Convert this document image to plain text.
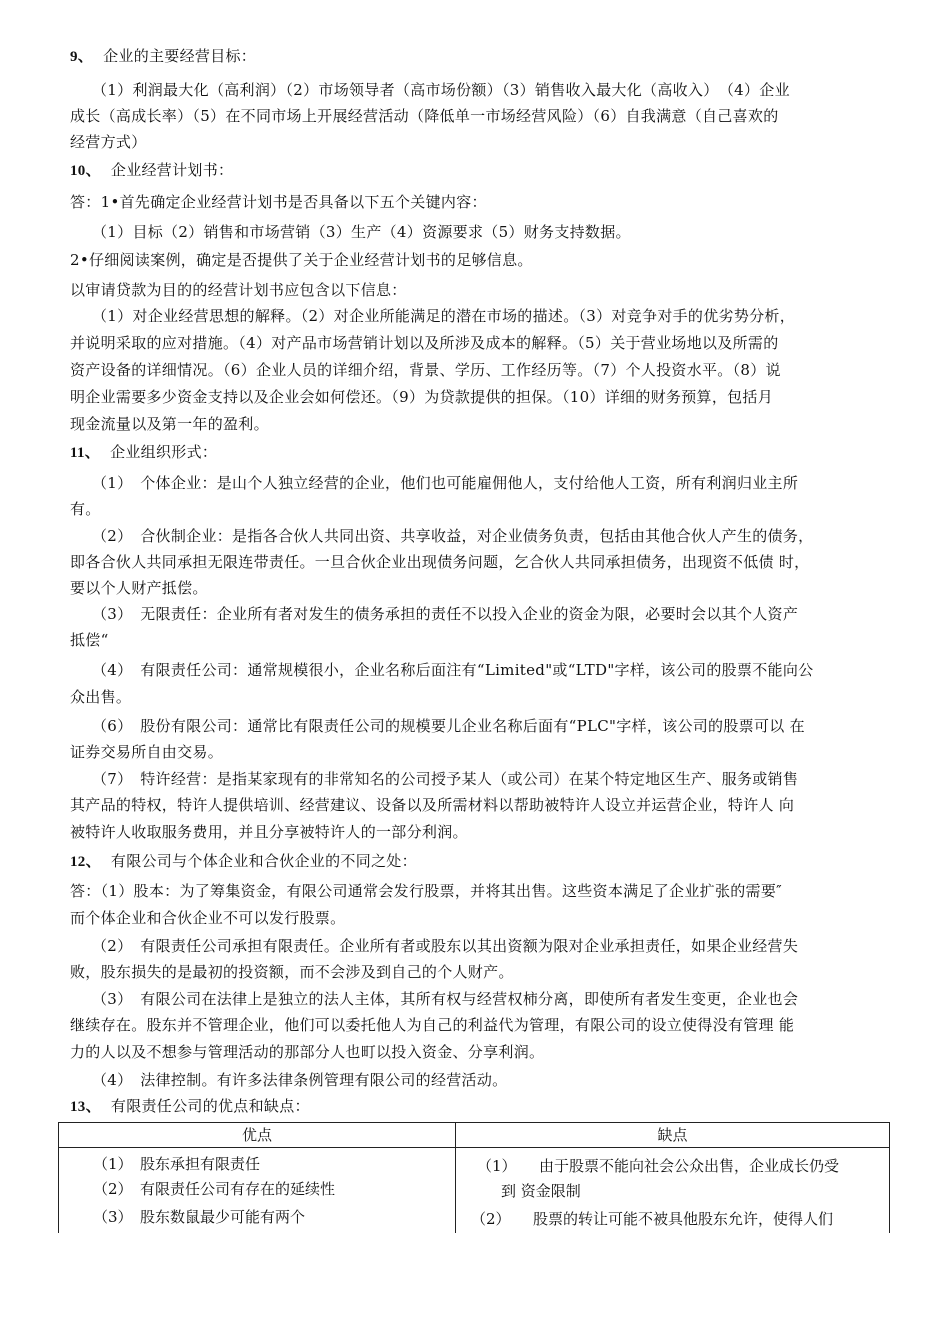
9、 企业的主要经营目标：
（1）利润最大化（高利润）（2）市场领导者（高市场份额）（3）销售收入最大化（高收入）　（4）企业
成长（高成长率）（5）在不同市场上开展经营活动（降低单一市场经营风险）（6）自我满意（自己喜欢的
经营方式）
10、 企业经营计划书：
答：1•首先确定企业经营计划书是否具备以下五个关键内容：
（1）目标（2）销售和市场营销（3）生产（4）资源要求（5）财务支持数据。
2•仔细阅读案例，确定是否提供了关于企业经营计划书的足够信息。
以审请贷款为目的的经营计划书应包含以下信息：
（1）对企业经营思想的解释。（2）对企业所能满足的潜在市场的描述。（3）对竞争对手的优劣势分析，
并说明采取的应对措施。（4）对产品市场营销计划以及所涉及成本的解释。（5）关于营业场地以及所需的
资产设备的详细情况。（6）企业人员的详细介绍，背景、学历、工作经历等。（7）个人投资水平。（8）说
明企业需要多少资金支持以及企业会如何偿还。（9）为贷款提供的担保。（10）详细的财务预算，包括月
现金流量以及第一年的盈利。
11、 企业组织形式：
（1）　个体企业：是山个人独立经营的企业，他们也可能雇佣他人，支付给他人工资，所有利润归业主所
有。
（2）　合伙制企业：是指各合伙人共同出资、共享收益，对企业债务负责，包括由其他合伙人产生的债务，
即各合伙人共同承担无限连带责任。一旦合伙企业出现债务问题，乞合伙人共同承担债务，出现资不低债 时，
要以个人财产抵偿。
（3）　无限责任：企业所有者对发生的债务承担的责任不以投入企业的资金为限，必要时会以其个人资产
抵偿“
（4）　有限责任公司：通常规模很小，企业名称后面注有“Limited"或“LTD"字样，该公司的股票不能向公
众出售。
（6）　股份有限公司：通常比有限责任公司的规模要儿企业名称后面有“PLC"字样，该公司的股票可以 在
证券交易所自由交易。
（7）　特许经营：是指某家现有的非常知名的公司授予某人（或公司）在某个特定地区生产、服务或销售
其产品的特权，特许人提供培训、经营建议、设备以及所需材料以帮助被特许人设立并运营企业，特许人 向
被特许人收取服务费用，并且分享被特许人的一部分利润。
12、 有限公司与个体企业和合伙企业的不同之处：
答：（1）股本：为了筹集资金，有限公司通常会发行股票，并将其出售。这些资本满足了企业扩张的需要″
而个体企业和合伙企业不可以发行股票。
（2）　有限责任公司承担有限责任。企业所有者或股东以其出资额为限对企业承担责任，如果企业经营失
败，股东损失的是最初的投资额，而不会涉及到自己的个人财产。
（3）　有限公司在法律上是独立的法人主体，其所有权与经营权柿分离，即使所有者发生变更，企业也会
继续存在。股东并不管理企业，他们可以委托他人为自己的利益代为管理，有限公司的设立使得没有管理 能
力的人以及不想参与管理活动的那部分人也町以投入资金、分享利润。
（4）　法律控制。有许多法律条例管理有限公司的经营活动。
13、 有限责任公司的优点和缺点：
优点	缺点
（1）　股东承担有限责任
（2）　有限责任公司有存在的延续性
（3）　股东数鼠最少可能有两个
（1）　　由于股票不能向社会公众出售，企业成长仍受
到 资金限制
（2）　　股票的转让可能不被具他股东允许，使得人们
